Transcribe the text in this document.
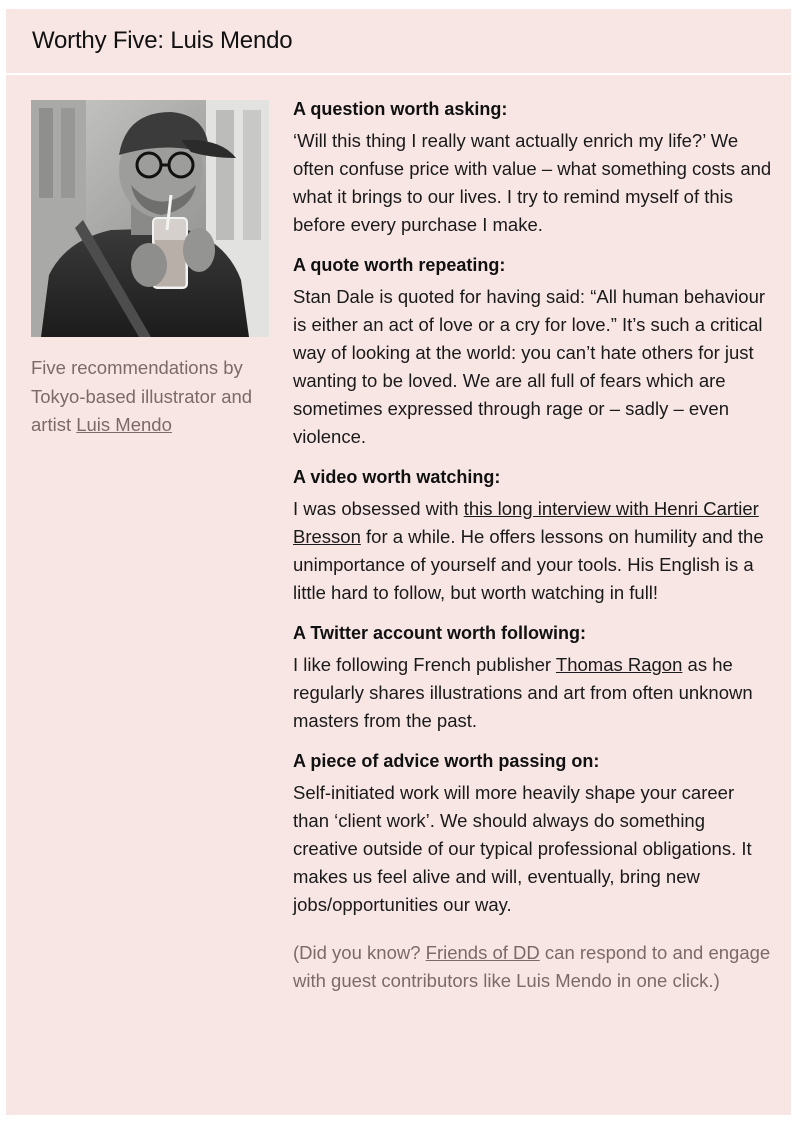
Worthy Five: Luis Mendo
Five recommendations by Tokyo-based illustrator and artist Luis Mendo

A question worth asking:

‘Will this thing I really want actually enrich my life?’ We often confuse price with value – what something costs and what it brings to our lives. I try to remind myself of this before every purchase I make.

A quote worth repeating:

Stan Dale is quoted for having said: “All human behaviour is either an act of love or a cry for love.” It’s such a critical way of looking at the world: you can’t hate others for just wanting to be loved. We are all full of fears which are sometimes expressed through rage or – sadly – even violence.

A video worth watching:

I was obsessed with this long interview with Henri Cartier Bresson for a while. He offers lessons on humility and the unimportance of yourself and your tools. His English is a little hard to follow, but worth watching in full!

A Twitter account worth following:

I like following French publisher Thomas Ragon as he regularly shares illustrations and art from often unknown masters from the past.

A piece of advice worth passing on:

Self-initiated work will more heavily shape your career than ‘client work’. We should always do something creative outside of our typical professional obligations. It makes us feel alive and will, eventually, bring new jobs/opportunities our way.

(Did you know? Friends of DD can respond to and engage with guest contributors like Luis Mendo in one click.)
